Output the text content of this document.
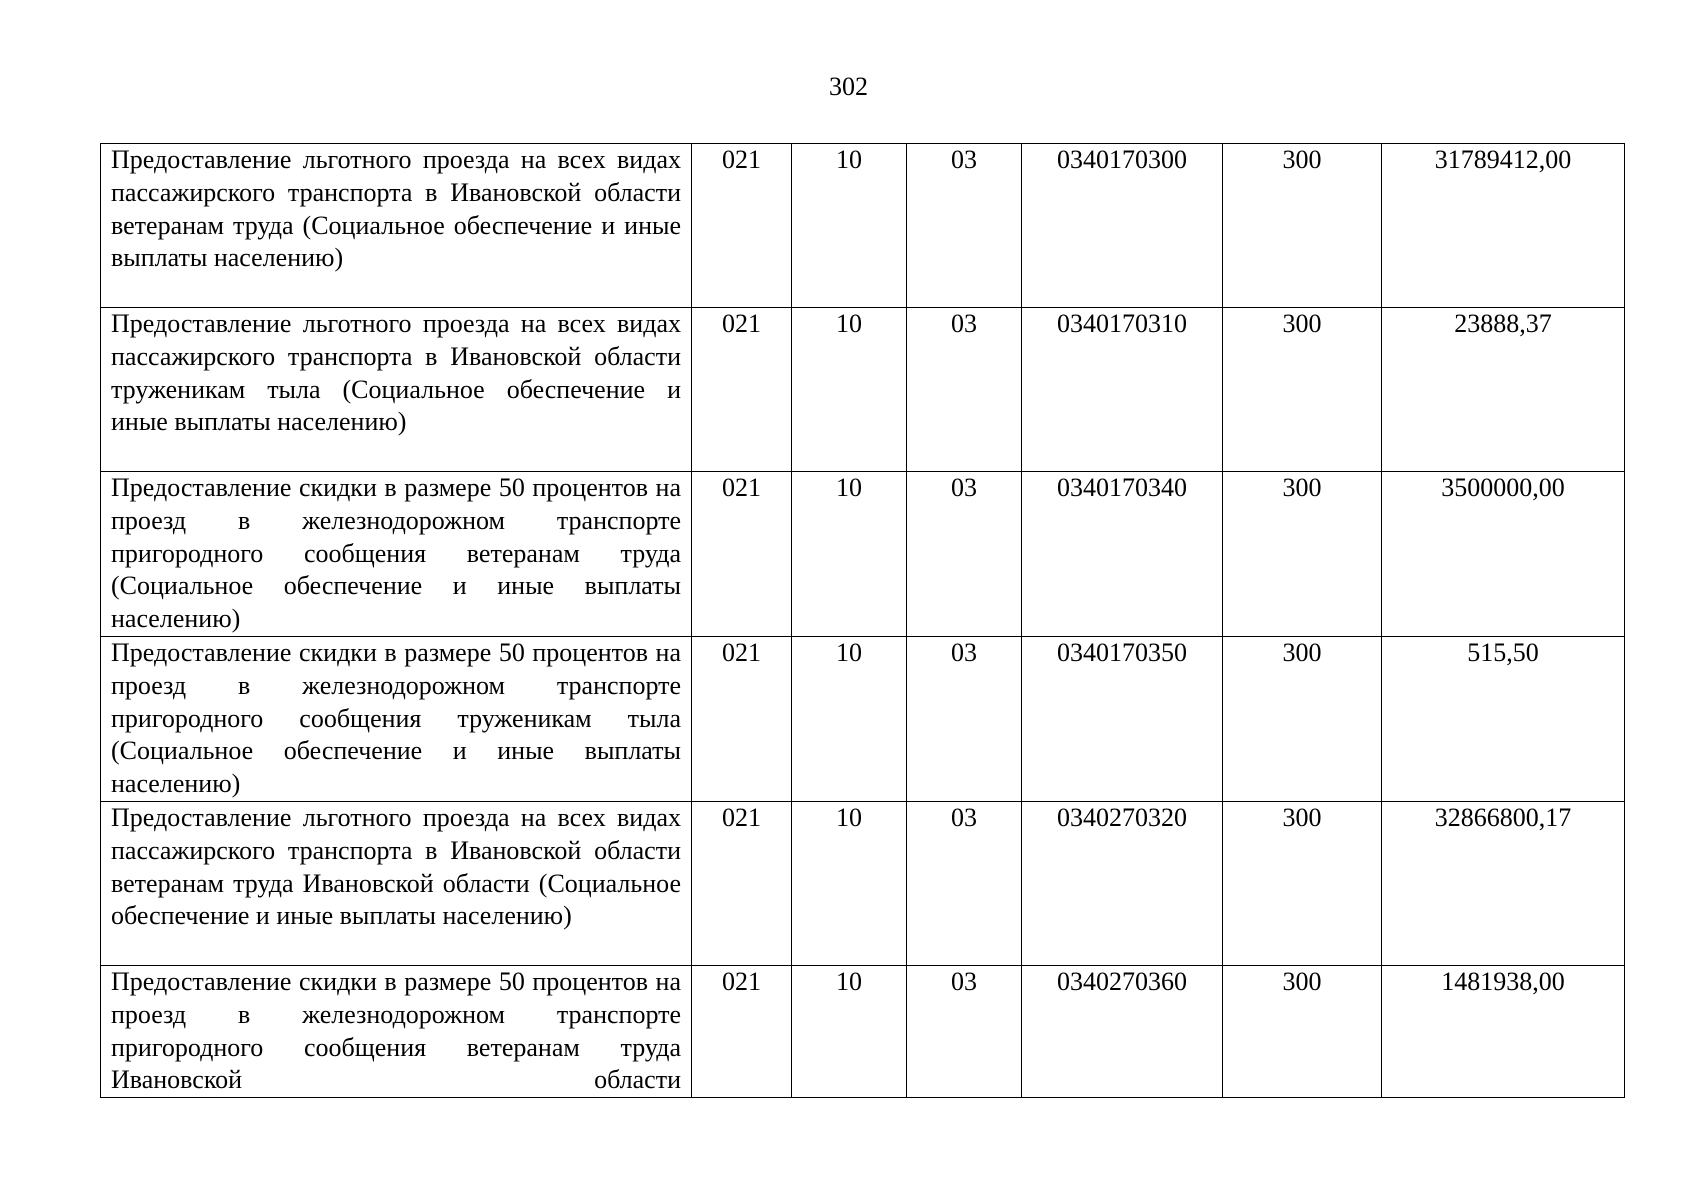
302
Предоставление льготного проезда на всех видах пассажирского транспорта в Ивановской области ветеранам труда (Социальное обеспечение и иные выплаты населению)	021	10	03	0340170300	300	31789412,00
Предоставление льготного проезда на всех видах пассажирского транспорта в Ивановской области труженикам тыла (Социальное обеспечение и иные выплаты населению)	021	10	03	0340170310	300	23888,37
Предоставление скидки в размере 50 процентов на проезд в железнодорожном транспорте пригородного сообщения ветеранам труда (Социальное обеспечение и иные выплаты населению)	021	10	03	0340170340	300	3500000,00
Предоставление скидки в размере 50 процентов на проезд в железнодорожном транспорте пригородного сообщения труженикам тыла (Социальное обеспечение и иные выплаты населению)	021	10	03	0340170350	300	515,50
Предоставление льготного проезда на всех видах пассажирского транспорта в Ивановской области ветеранам труда Ивановской области (Социальное обеспечение и иные выплаты населению)	021	10	03	0340270320	300	32866800,17
Предоставление скидки в размере 50 процентов на проезд в железнодорожном транспорте пригородного сообщения ветеранам труда Ивановской области	021	10	03	0340270360	300	1481938,00
